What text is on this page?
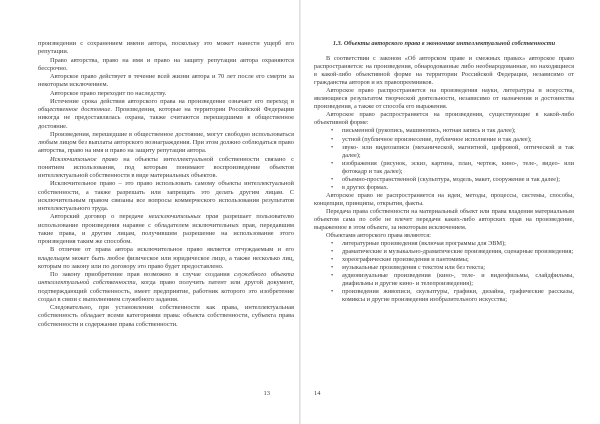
произведении с сохранением имени автора, поскольку это может нанести ущерб его репутации.

Право авторства, право на имя и право на защиту репутации автора охраняются бессрочно.

Авторское право действует в течение всей жизни автора и 70 лет после его смерти за некоторым исключением.

Авторское право переходит по наследству.

Истечение срока действия авторского права на произведение означает его переход в общественное достояние. Произведения, которые на территории Российской Федерации никогда не предоставлялась охрана, также считаются перешедшими в общественное достояние.

Произведения, перешедшие в общественное достояние, могут свободно использоваться любым лицом без выплаты авторского вознаграждения. При этом должно соблюдаться право авторства, право на имя и право на защиту репутации автора.

Исключительное право на объекты интеллектуальной собственности связано с понятием использования, под которым понимают воспроизведение объектов интеллектуальной собственности в виде материальных объектов.

Исключительное право – это право использовать самому объекты интеллектуальной собственности, а также разрешать или запрещать это делать другим лицам. С исключительным правом связаны все вопросы коммерческого использования результатов интеллектуального труда.

Авторский договор о передаче неисключительных прав разрешает пользователю использование произведения наравне с обладателем исключительных прав, передавшим такие права, и другим лицам, получившим разрешение на использование этого произведения таким же способом.

В отличие от права автора исключительное право является отчуждаемым и его владельцем может быть любое физическое или юридическое лицо, а также несколько лиц, которым по закону или по договору это право будет предоставлено.

По закону приобретение прав возможно в случае создания служебного объекта интеллектуальной собственности, когда право получить патент или другой документ, подтверждающий собственность, имеет предприятие, работник которого это изобретение создал в связи с выполнением служебного задания.

Следовательно, при установлении собственности как права, интеллектуальная собственность обладает всеми категориями права: объекта собственности, субъекта права собственности и содержание права собственности.

13

1.3. Объекты авторского права в экономике интеллектуальной собственности

В соответствии с законом «Об авторском праве и смежных правах» авторское право распространяется: на произведения, обнародованные либо необнародованные, но находящиеся в какой-либо объективной форме на территории Российской Федерации, независимо от гражданства авторов и их правопреемников.

Авторское право распространяется на произведения науки, литературы и искусства, являющиеся результатом творческой деятельности, независимо от назначения и достоинства произведения, а также от способа его выражения.

Авторское право распространяется на произведения, существующие в какой-либо объективной форме:

• письменной (рукопись, машинопись, нотная запись и так далее);
• устной (публичное произнесение, публичное исполнение и так далее);
• звуко- или видеозаписи (механической, магнитной, цифровой, оптической и так далее);
• изображения (рисунок, эскиз, картина, план, чертеж, кино-, теле-, видео- или фотокадр и так далее);
• объемно-пространственной (скульптура, модель, макет, сооружение и так далее);
• в других формах.

Авторское право не распространяется на идеи, методы, процессы, системы, способы, концепции, принципы, открытия, факты.

Передача права собственности на материальный объект или права владения материальным объектом сама по себе не влечет передачи каких-либо авторских прав на произведение, выраженное в этом объекте, за некоторым исключением.

Объектами авторского права являются:

• литературные произведения (включая программы для ЭВМ);
• драматические и музыкально-драматические произведения, сценарные произведения;
• хореографические произведения и пантомимы;
• музыкальные произведения с текстом или без текста;
• аудиовизуальные произведения (кино-, теле- и видеофильмы, слайдфильмы, диафильмы и другие кино- и телепроизведения);
• произведения живописи, скульптуры, графики, дизайна, графические рассказы, комиксы и другие произведения изобразительного искусства;
14
